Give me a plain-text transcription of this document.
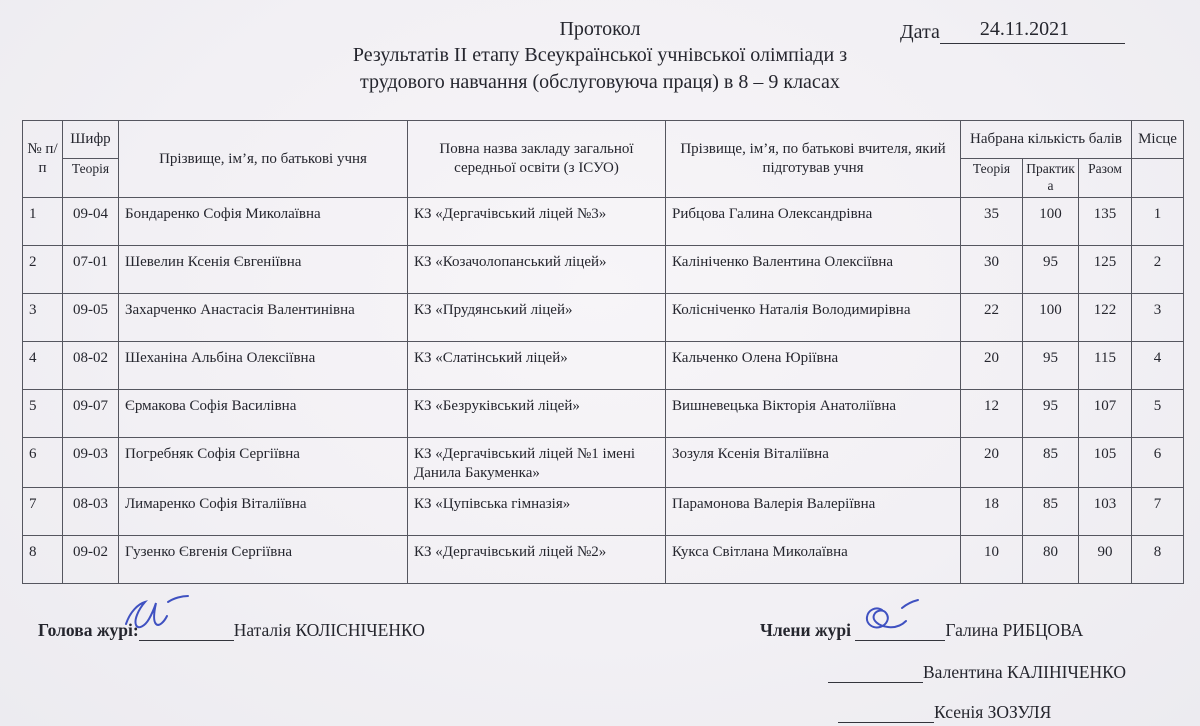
Протокол
Результатів ІІ етапу Всеукраїнської учнівської олімпіади з
трудового навчання (обслуговуюча праця) в 8 – 9 класах
Дата 24.11.2021
№ п/п	Шифр	Прізвище, ім’я, по батькові учня	Повна назва закладу загальної середньої освіти (з ІСУО)	Прізвище, ім’я, по батькові вчителя, який підготував учня	Набрана кількість балів			Місце
	Теорія				Теорія	Практика	Разом	
1	09-04	Бондаренко Софія Миколаївна	КЗ «Дергачівський ліцей №3»	Рибцова Галина Олександрівна	35	100	135	1
2	07-01	Шевелин Ксенія Євгеніївна	КЗ «Козачолопанський ліцей»	Калініченко Валентина Олексіївна	30	95	125	2
3	09-05	Захарченко Анастасія Валентинівна	КЗ «Прудянський ліцей»	Колісніченко Наталія Володимирівна	22	100	122	3
4	08-02	Шеханіна Альбіна Олексіївна	КЗ «Слатінський ліцей»	Кальченко Олена Юріївна	20	95	115	4
5	09-07	Єрмакова Софія Василівна	КЗ «Безруківський ліцей»	Вишневецька Вікторія Анатоліївна	12	95	107	5
6	09-03	Погребняк Софія Сергіївна	КЗ «Дергачівський ліцей №1 імені Данила Бакуменка»	Зозуля Ксенія Віталіївна	20	85	105	6
7	08-03	Лимаренко Софія Віталіївна	КЗ «Цупівська гімназія»	Парамонова Валерія Валеріївна	18	85	103	7
8	09-02	Гузенко Євгенія Сергіївна	КЗ «Дергачівський ліцей №2»	Кукса Світлана Миколаївна	10	80	90	8
Голова журі:	Наталія КОЛІСНІЧЕНКО	Члени журі	Галина РИБЦОВА
Валентина КАЛІНІЧЕНКО
Ксенія ЗОЗУЛЯ
